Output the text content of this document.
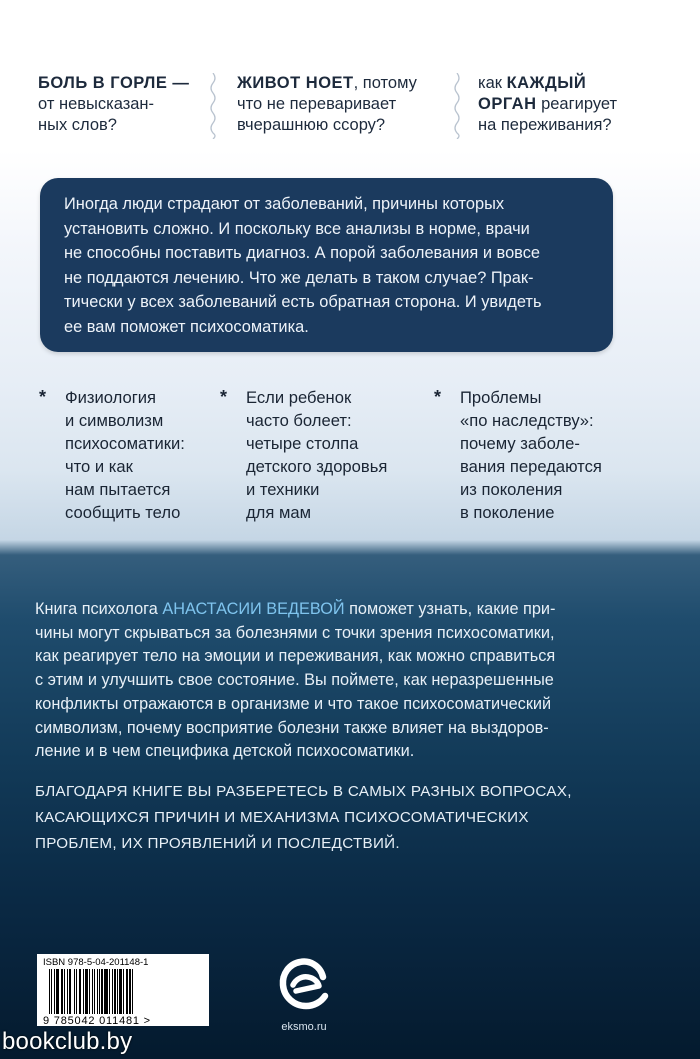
БОЛЬ В ГОРЛЕ —
от невысказан-
ных слов?
ЖИВОТ НОЕТ, потому
что не переваривает
вчерашнюю ссору?
как КАЖДЫЙ
ОРГАН реагирует
на переживания?
Иногда люди страдают от заболеваний, причины которых
установить сложно. И поскольку все анализы в норме, врачи
не способны поставить диагноз. А порой заболевания и вовсе
не поддаются лечению. Что же делать в таком случае? Прак-
тически у всех заболеваний есть обратная сторона. И увидеть
ее вам поможет психосоматика.
* Физиология
и символизм
психосоматики:
что и как
нам пытается
сообщить тело
* Если ребенок
часто болеет:
четыре столпа
детского здоровья
и техники
для мам
* Проблемы
«по наследству»:
почему заболе-
вания передаются
из поколения
в поколение
Книга психолога АНАСТАСИИ ВЕДЕВОЙ поможет узнать, какие при-
чины могут скрываться за болезнями с точки зрения психосоматики,
как реагирует тело на эмоции и переживания, как можно справиться
с этим и улучшить свое состояние. Вы поймете, как неразрешенные
конфликты отражаются в организме и что такое психосоматический
символизм, почему восприятие болезни также влияет на выздоров-
ление и в чем специфика детской психосоматики.
БЛАГОДАРЯ КНИГЕ ВЫ РАЗБЕРЕТЕСЬ В САМЫХ РАЗНЫХ ВОПРОСАХ,
КАСАЮЩИХСЯ ПРИЧИН И МЕХАНИЗМА ПСИХОСОМАТИЧЕСКИХ
ПРОБЛЕМ, ИХ ПРОЯВЛЕНИЙ И ПОСЛЕДСТВИЙ.
ISBN 978-5-04-201148-1
9 785042 011481 >	eksmo.ru
bookclub.by
